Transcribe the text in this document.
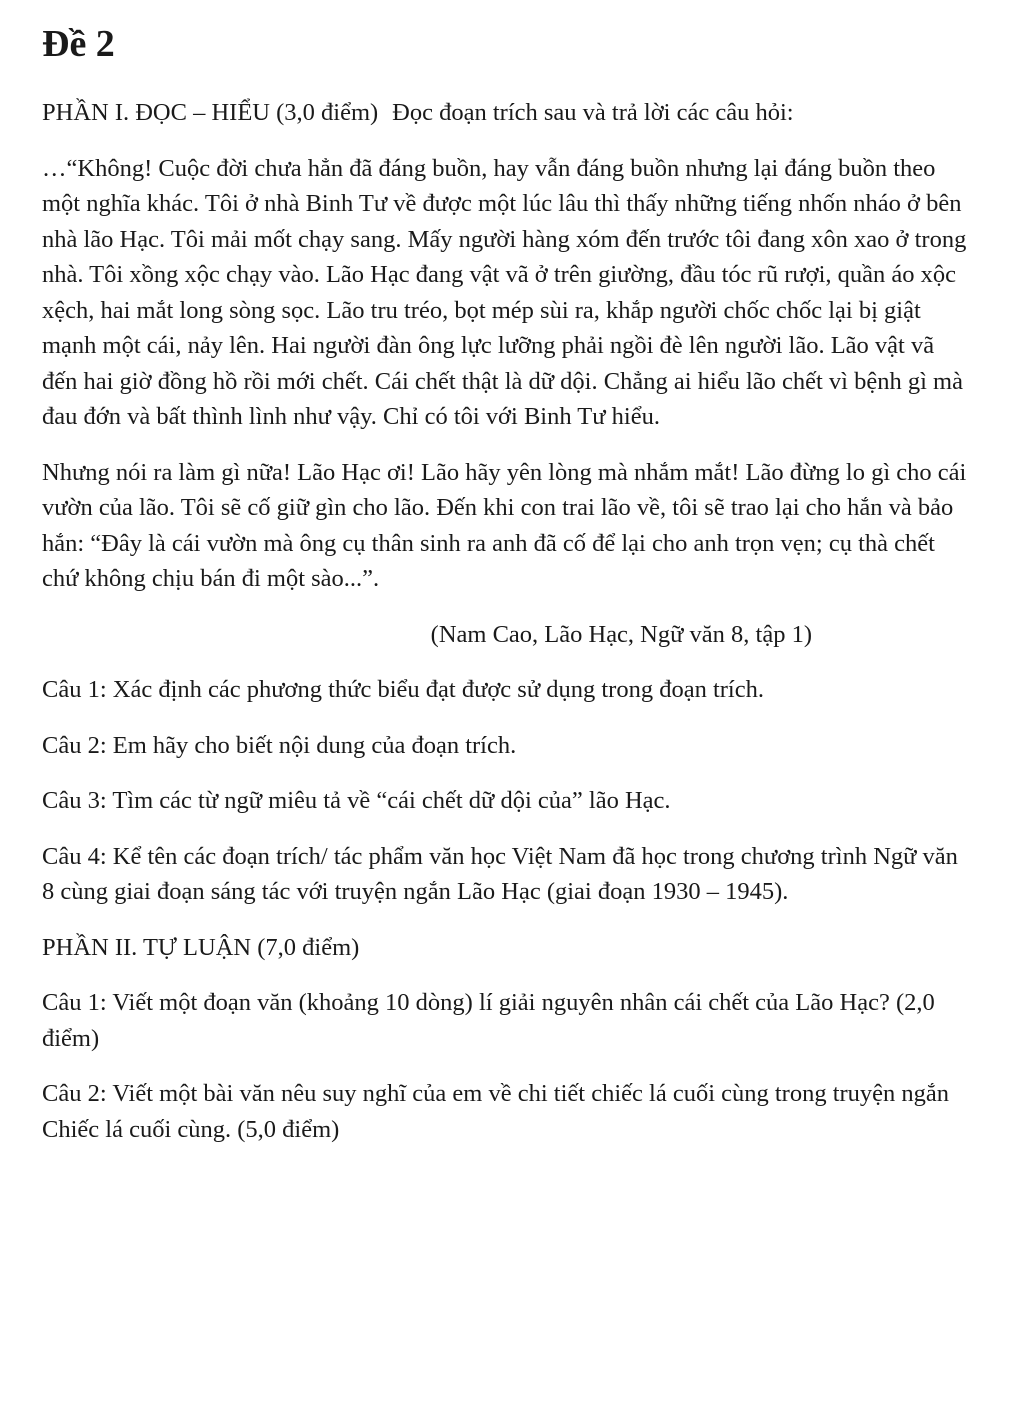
Đề 2
PHẦN I. ĐỌC – HIỂU (3,0 điểm) Đọc đoạn trích sau và trả lời các câu hỏi:

…“Không! Cuộc đời chưa hẳn đã đáng buồn, hay vẫn đáng buồn nhưng lại đáng buồn theo một nghĩa khác. Tôi ở nhà Binh Tư về được một lúc lâu thì thấy những tiếng nhốn nháo ở bên nhà lão Hạc. Tôi mải mốt chạy sang. Mấy người hàng xóm đến trước tôi đang xôn xao ở trong nhà. Tôi xồng xộc chạy vào. Lão Hạc đang vật vã ở trên giường, đầu tóc rũ rượi, quần áo xộc xệch, hai mắt long sòng sọc. Lão tru tréo, bọt mép sùi ra, khắp người chốc chốc lại bị giật mạnh một cái, nảy lên. Hai người đàn ông lực lưỡng phải ngồi đè lên người lão. Lão vật vã đến hai giờ đồng hồ rồi mới chết. Cái chết thật là dữ dội. Chẳng ai hiểu lão chết vì bệnh gì mà đau đớn và bất thình lình như vậy. Chỉ có tôi với Binh Tư hiểu.

Nhưng nói ra làm gì nữa! Lão Hạc ơi! Lão hãy yên lòng mà nhắm mắt! Lão đừng lo gì cho cái vườn của lão. Tôi sẽ cố giữ gìn cho lão. Đến khi con trai lão về, tôi sẽ trao lại cho hắn và bảo hắn: “Đây là cái vườn mà ông cụ thân sinh ra anh đã cố để lại cho anh trọn vẹn; cụ thà chết chứ không chịu bán đi một sào...”.

(Nam Cao, Lão Hạc, Ngữ văn 8, tập 1)

Câu 1: Xác định các phương thức biểu đạt được sử dụng trong đoạn trích.

Câu 2: Em hãy cho biết nội dung của đoạn trích.

Câu 3: Tìm các từ ngữ miêu tả về “cái chết dữ dội của” lão Hạc.

Câu 4: Kể tên các đoạn trích/ tác phẩm văn học Việt Nam đã học trong chương trình Ngữ văn 8 cùng giai đoạn sáng tác với truyện ngắn Lão Hạc (giai đoạn 1930 – 1945).

PHẦN II. TỰ LUẬN (7,0 điểm)

Câu 1: Viết một đoạn văn (khoảng 10 dòng) lí giải nguyên nhân cái chết của Lão Hạc? (2,0 điểm)

Câu 2: Viết một bài văn nêu suy nghĩ của em về chi tiết chiếc lá cuối cùng trong truyện ngắn Chiếc lá cuối cùng. (5,0 điểm)
